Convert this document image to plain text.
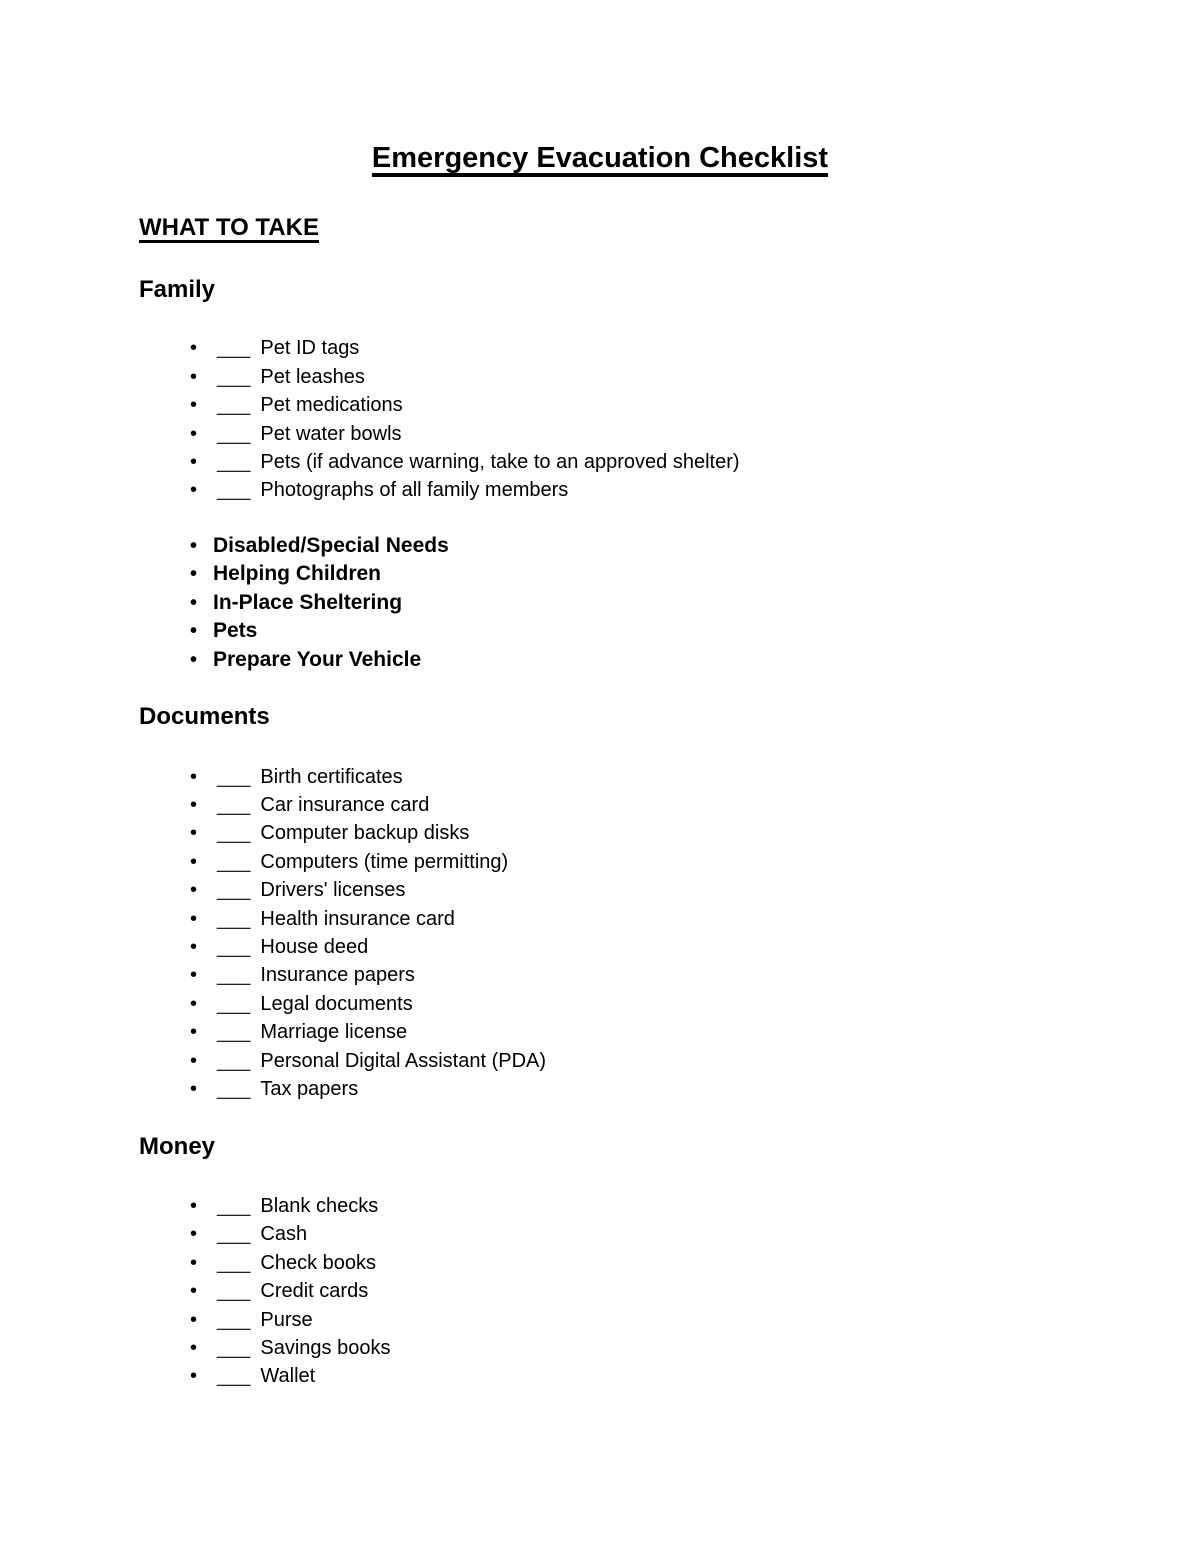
Emergency Evacuation Checklist
WHAT TO TAKE
Family
• ___ Pet ID tags
• ___ Pet leashes
• ___ Pet medications
• ___ Pet water bowls
• ___ Pets (if advance warning, take to an approved shelter)
• ___ Photographs of all family members
• Disabled/Special Needs
• Helping Children
• In-Place Sheltering
• Pets
• Prepare Your Vehicle
Documents
• ___ Birth certificates
• ___ Car insurance card
• ___ Computer backup disks
• ___ Computers (time permitting)
• ___ Drivers' licenses
• ___ Health insurance card
• ___ House deed
• ___ Insurance papers
• ___ Legal documents
• ___ Marriage license
• ___ Personal Digital Assistant (PDA)
• ___ Tax papers
Money
• ___ Blank checks
• ___ Cash
• ___ Check books
• ___ Credit cards
• ___ Purse
• ___ Savings books
• ___ Wallet
